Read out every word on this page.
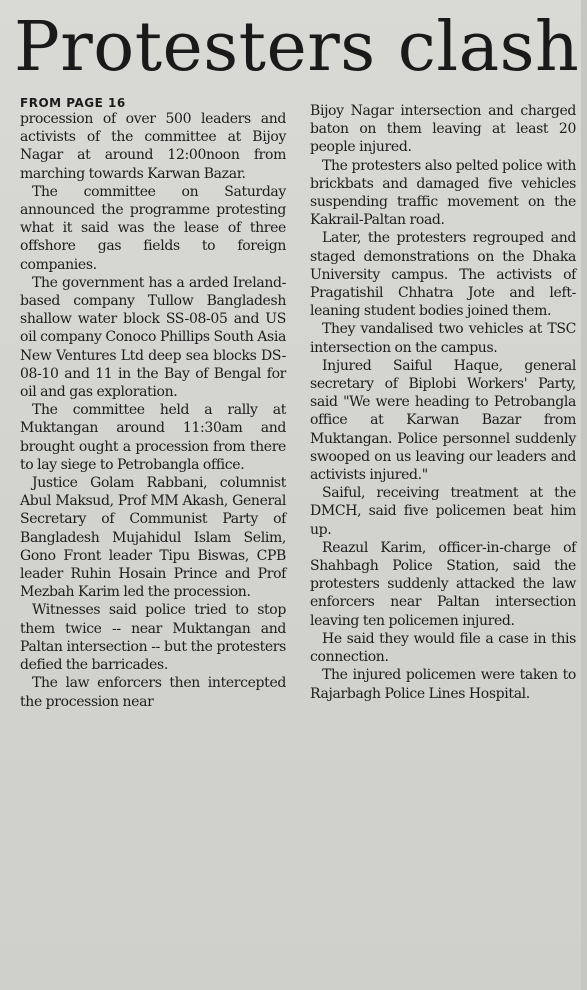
Protesters clash

FROM PAGE 16

procession of over 500 leaders and activists of the committee at Bijoy Nagar at around 12:00noon from marching towards Karwan Bazar.

The committee on Saturday announced the programme protesting what it said was the lease of three offshore gas fields to foreign companies.

The government has a arded Ireland-based company Tullow Bangladesh shallow water block SS-08-05 and US oil company Conoco Phillips South Asia New Ventures Ltd deep sea blocks DS-08-10 and 11 in the Bay of Bengal for oil and gas exploration.

The committee held a rally at Muktangan around 11:30am and brought ought a procession from there to lay siege to Petrobangla office.

Justice Golam Rabbani, columnist Abul Maksud, Prof MM Akash, General Secretary of Communist Party of Bangladesh Mujahidul Islam Selim, Gono Front leader Tipu Biswas, CPB leader Ruhin Hosain Prince and Prof Mezbah Karim led the procession.

Witnesses said police tried to stop them twice -- near Muktangan and Paltan intersection -- but the protesters defied the barricades.

The law enforcers then intercepted the procession near

Bijoy Nagar intersection and charged baton on them leaving at least 20 people injured.

The protesters also pelted police with brickbats and damaged five vehicles suspending traffic movement on the Kakrail-Paltan road.

Later, the protesters regrouped and staged demonstrations on the Dhaka University campus. The activists of Pragatishil Chhatra Jote and left-leaning student bodies joined them.

They vandalised two vehicles at TSC intersection on the campus.

Injured Saiful Haque, general secretary of Biplobi Workers' Party, said "We were heading to Petrobangla office at Karwan Bazar from Muktangan. Police personnel suddenly swooped on us leaving our leaders and activists injured."

Saiful, receiving treatment at the DMCH, said five policemen beat him up.

Reazul Karim, officer-in-charge of Shahbagh Police Station, said the protesters suddenly attacked the law enforcers near Paltan intersection leaving ten policemen injured.

He said they would file a case in this connection.

The injured policemen were taken to Rajarbagh Police Lines Hospital.
